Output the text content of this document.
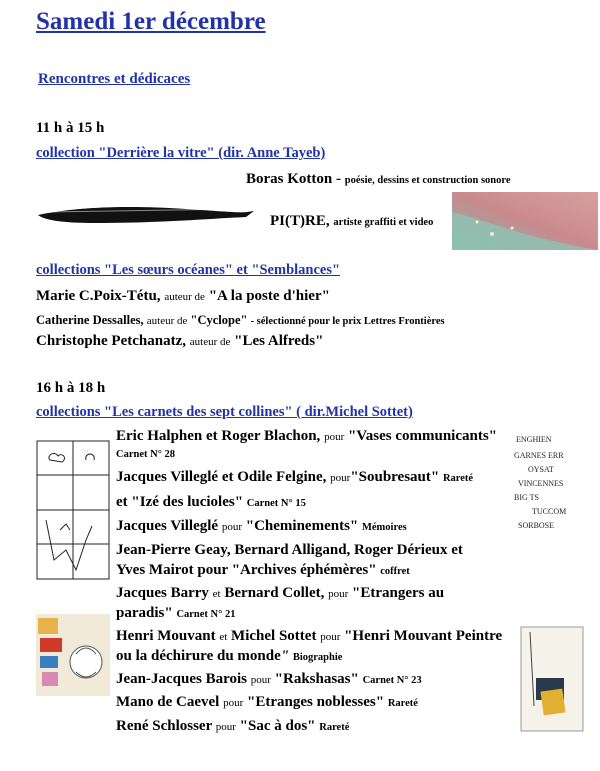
Samedi 1er décembre
Rencontres et dédicaces
11 h à 15 h
collection "Derrière la vitre" (dir. Anne Tayeb)
Boras Kotton - poésie, dessins et construction sonore
PI(T)RE, artiste graffiti et video
collections "Les sœurs océanes" et "Semblances"
Marie C.Poix-Tétu, auteur de "A la poste d'hier"
Catherine Dessalles, auteur de "Cyclope" - sélectionné pour le prix Lettres Frontières
Christophe Petchanatz, auteur de "Les Alfreds"
16 h à 18 h
collections "Les carnets des sept collines" ( dir.Michel Sottet)
ENGHIEN
GARNES ERR
OYSAT
VINCENNES
BIG TS
TUCCOM
SORBOSE
Eric Halphen et Roger Blachon, pour "Vases communicants"
Carnet N° 28
Jacques Villeglé et Odile Felgine, pour"Soubresaut" Rareté
et "Izé des lucioles" Carnet N° 15
Jacques Villeglé pour "Cheminements" Mémoires
Jean-Pierre Geay, Bernard Alligand, Roger Dérieux et
Yves Mairot pour "Archives éphémères" coffret
Jacques Barry et Bernard Collet, pour "Etrangers au
paradis" Carnet N° 21
Henri Mouvant et Michel Sottet pour "Henri Mouvant Peintre
ou la déchirure du monde" Biographie
Jean-Jacques Barois pour "Rakshasas" Carnet N° 23
Mano de Caevel pour "Etranges noblesses" Rareté
René Schlosser pour "Sac à dos" Rareté
